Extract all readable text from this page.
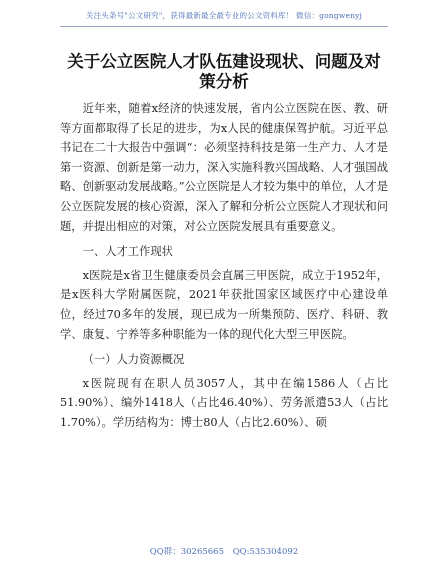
关注头条号"公文研究"，获得最新最全最专业的公文资料库！ 微信：gongwenyj
关于公立医院人才队伍建设现状、问题及对策分析

近年来，随着x经济的快速发展，省内公立医院在医、教、研等方面都取得了长足的进步，为x人民的健康保驾护航。习近平总书记在二十大报告中强调“：必须坚持科技是第一生产力、人才是第一资源、创新是第一动力，深入实施科教兴国战略、人才强国战略、创新驱动发展战略。”公立医院是人才较为集中的单位，人才是公立医院发展的核心资源，深入了解和分析公立医院人才现状和问题，并提出相应的对策，对公立医院发展具有重要意义。

一、人才工作现状

x医院是x省卫生健康委员会直属三甲医院，成立于1952年，是x医科大学附属医院，2021年获批国家区域医疗中心建设单位，经过70多年的发展，现已成为一所集预防、医疗、科研、教学、康复、宁养等多种职能为一体的现代化大型三甲医院。

（一）人力资源概况

x医院现有在职人员3057人，其中在编1586人（占比51.90%）、编外1418人（占比46.40%）、劳务派遣53人（占比1.70%）。学历结构为：博士80人（占比2.60%）、硕

QQ群：30265665 QQ:535304092
